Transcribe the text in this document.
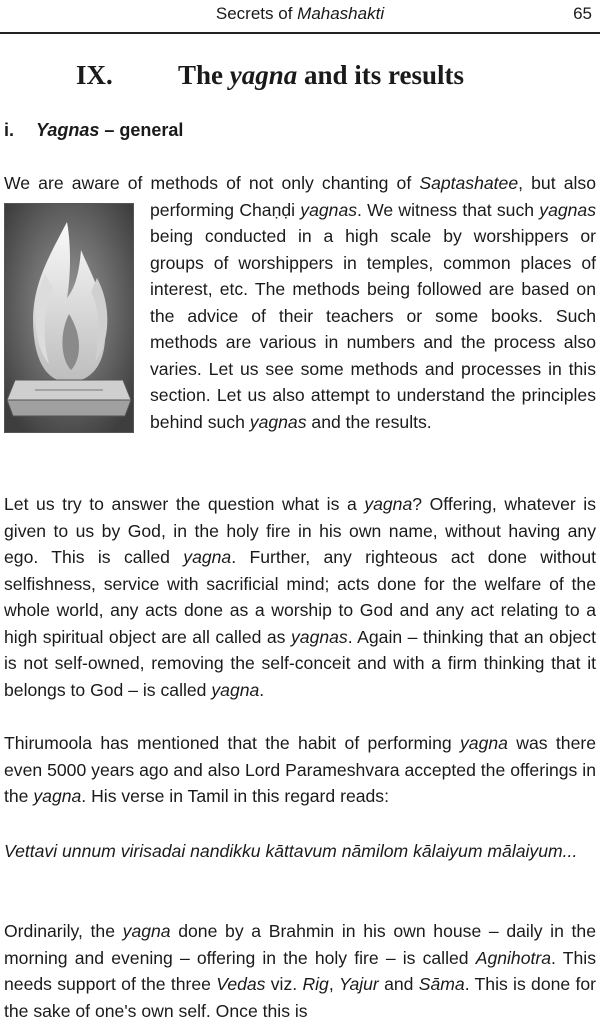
Secrets of Mahashakti	65
IX. The yagna and its results
i. Yagnas – general

We are aware of methods of not only chanting of Saptashatee, but also performing Chaṇḍi
yagnas. We witness that such yagnas being conducted in a high scale by worshippers or groups of worshippers in temples, common places of interest, etc. The methods being followed are based on the advice of their teachers or some books. Such methods are various in numbers and the process also varies. Let us see some methods and processes in this section. Let us also attempt to understand the principles behind such yagnas and the results.

Let us try to answer the question what is a yagna? Offering, whatever is given to us by God, in the holy fire in his own name, without having any ego. This is called yagna. Further, any righteous act done without selfishness, service with sacrificial mind; acts done for the welfare of the whole world, any acts done as a worship to God and any act relating to a high spiritual object are all called as yagnas. Again – thinking that an object is not self-owned, removing the self-conceit and with a firm thinking that it belongs to God – is called yagna.

Thirumoola has mentioned that the habit of performing yagna was there even 5000 years ago and also Lord Parameshvara accepted the offerings in the yagna. His verse in Tamil in this regard reads:

Vettavi unnum virisadai nandikku kāttavum nāmilom kālaiyum mālaiyum...

Ordinarily, the yagna done by a Brahmin in his own house – daily in the morning and evening – offering in the holy fire – is called Agnihotra. This needs support of the three Vedas viz. Rig, Yajur and Sāma. This is done for the sake of one's own self. Once this is
